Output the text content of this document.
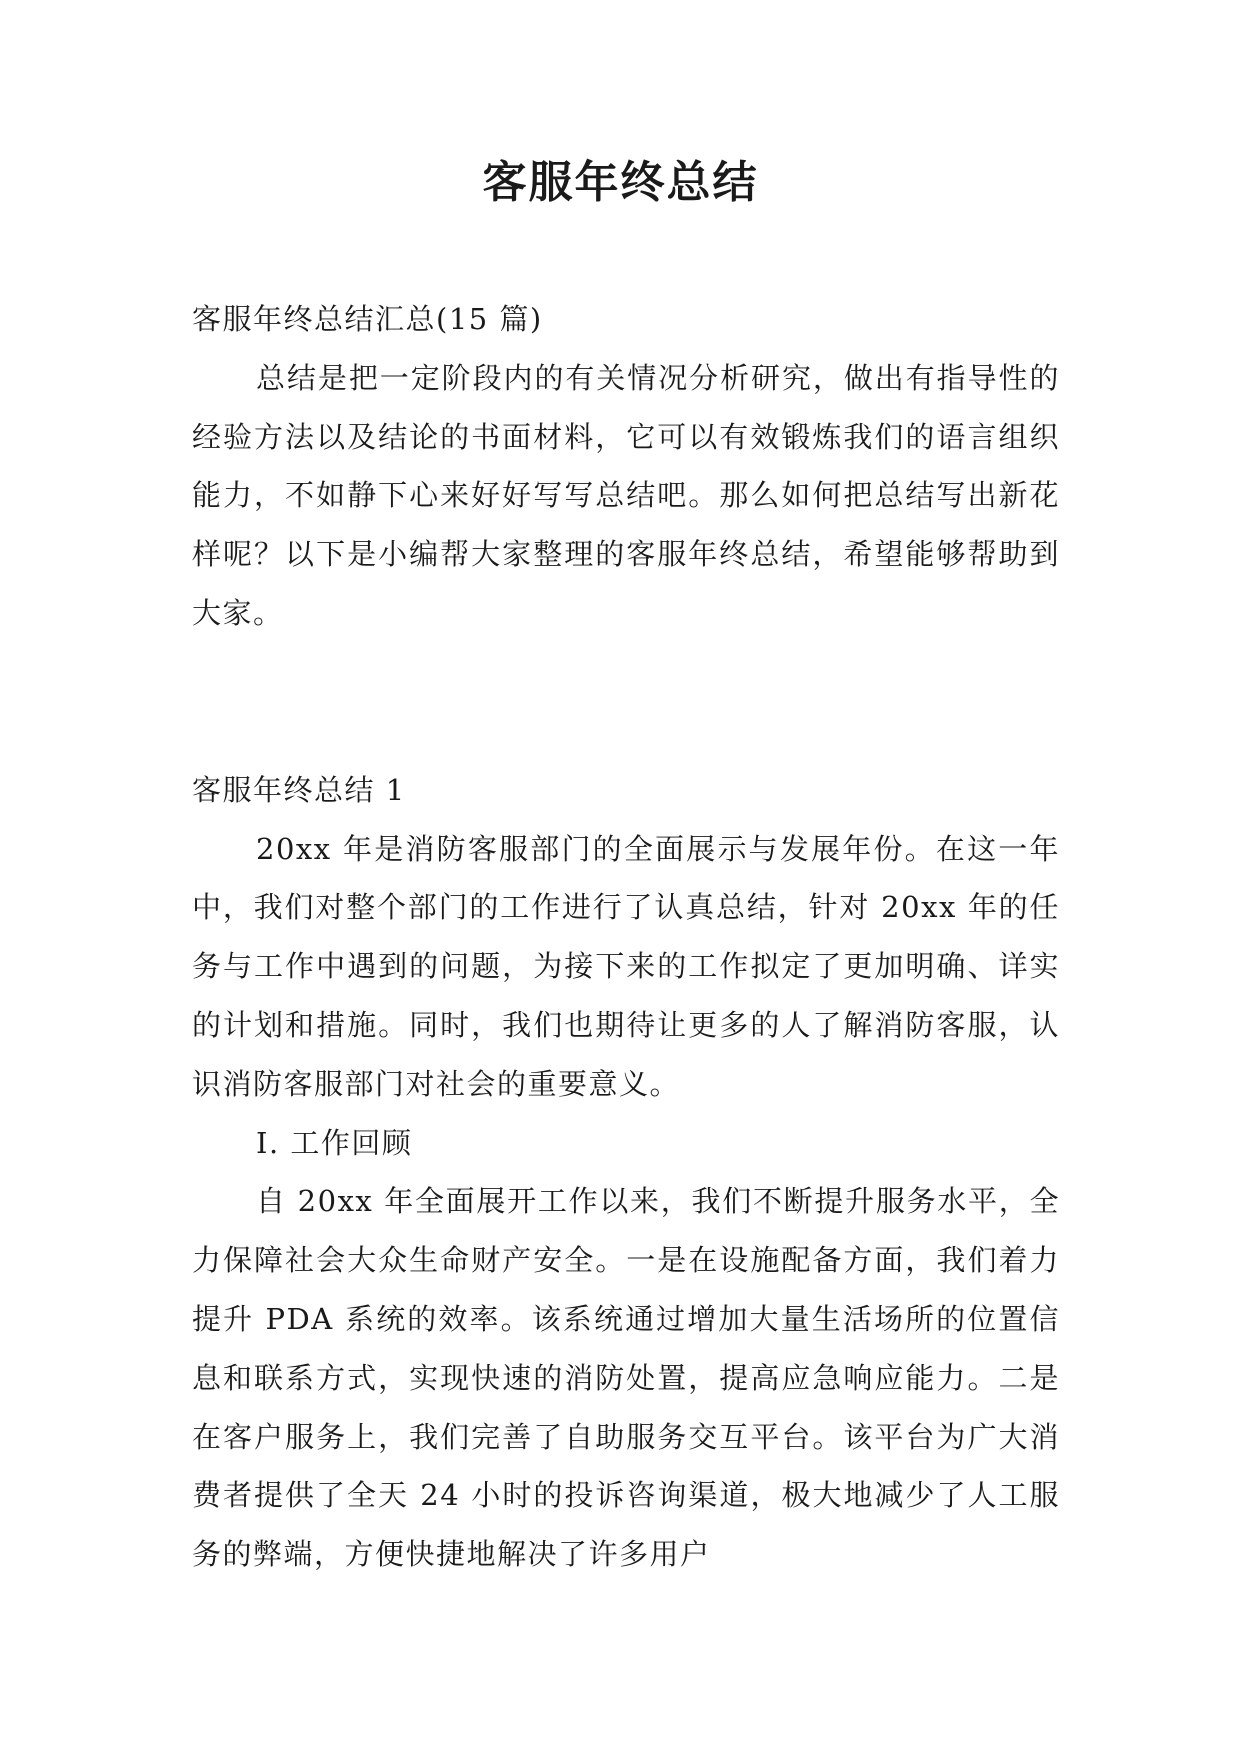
客服年终总结

客服年终总结汇总(15 篇)

总结是把一定阶段内的有关情况分析研究，做出有指导性的经验方法以及结论的书面材料，它可以有效锻炼我们的语言组织能力，不如静下心来好好写写总结吧。那么如何把总结写出新花样呢？以下是小编帮大家整理的客服年终总结，希望能够帮助到大家。

客服年终总结 1

20xx 年是消防客服部门的全面展示与发展年份。在这一年中，我们对整个部门的工作进行了认真总结，针对 20xx 年的任务与工作中遇到的问题，为接下来的工作拟定了更加明确、详实的计划和措施。同时，我们也期待让更多的人了解消防客服，认识消防客服部门对社会的重要意义。

I. 工作回顾

自 20xx 年全面展开工作以来，我们不断提升服务水平，全力保障社会大众生命财产安全。一是在设施配备方面，我们着力提升 PDA 系统的效率。该系统通过增加大量生活场所的位置信息和联系方式，实现快速的消防处置，提高应急响应能力。二是在客户服务上，我们完善了自助服务交互平台。该平台为广大消费者提供了全天 24 小时的投诉咨询渠道，极大地减少了人工服务的弊端，方便快捷地解决了许多用户
